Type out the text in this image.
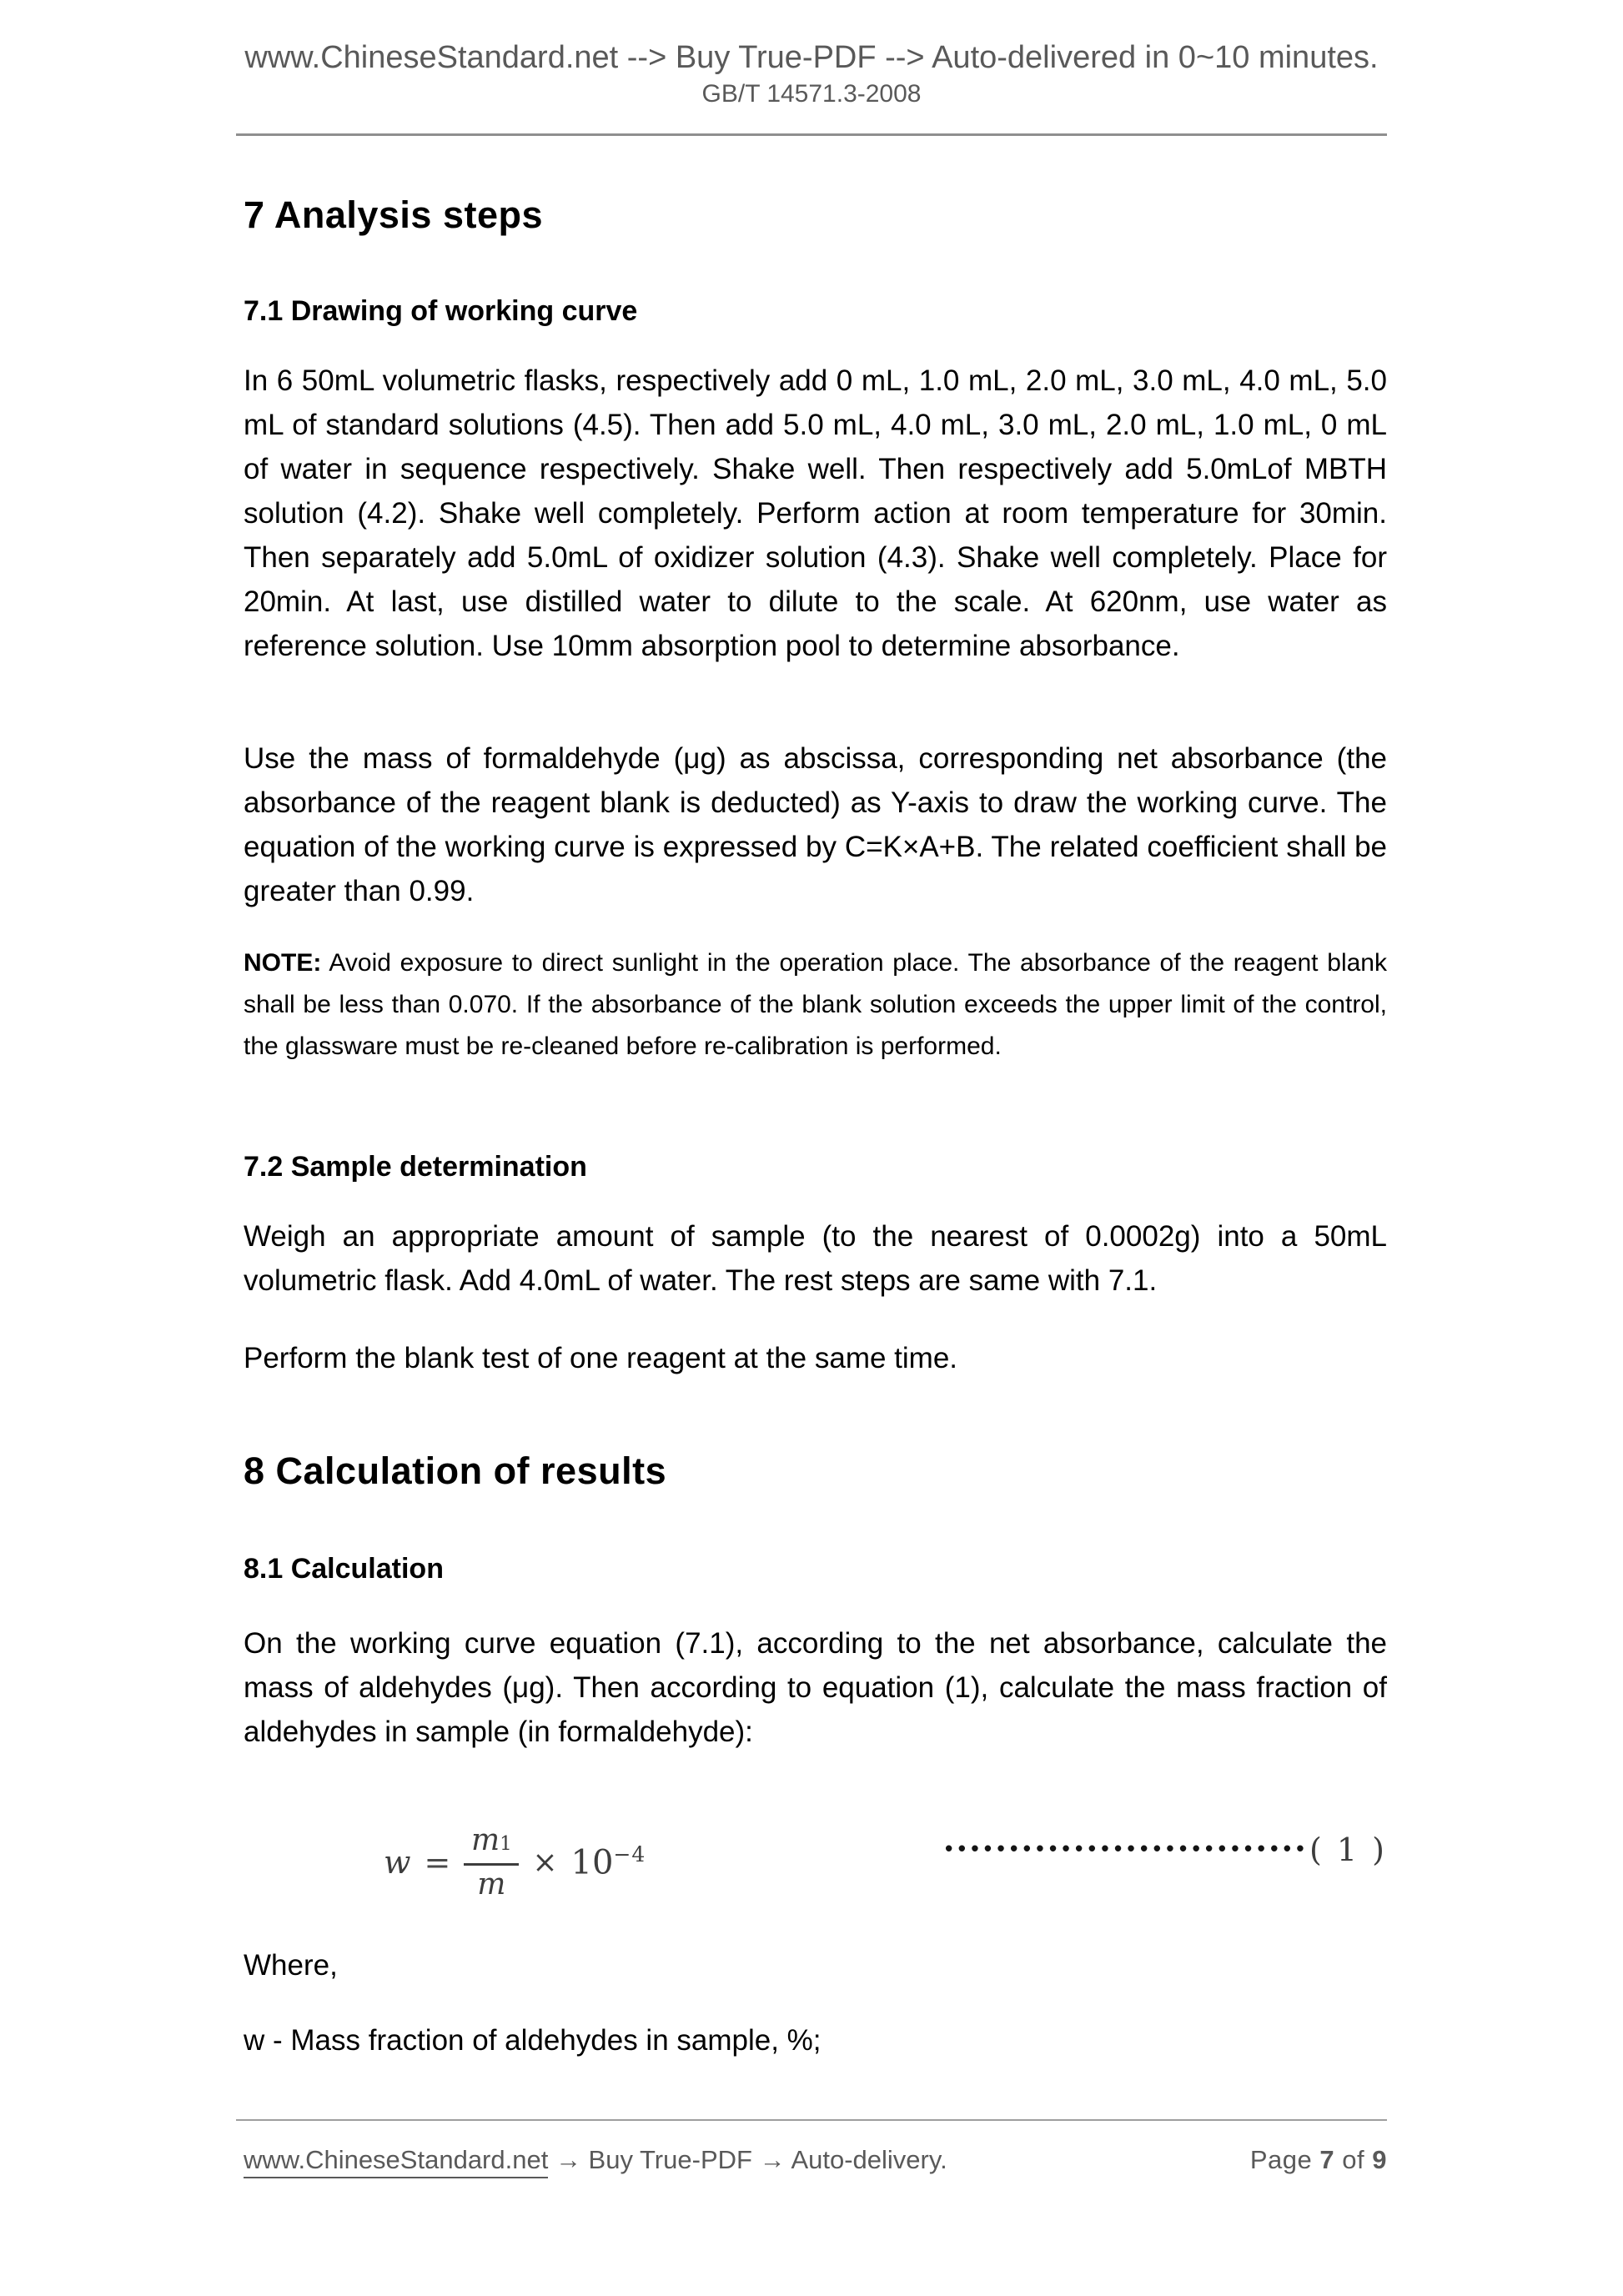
www.ChineseStandard.net --> Buy True-PDF --> Auto-delivered in 0~10 minutes.
GB/T 14571.3-2008
7 Analysis steps
7.1 Drawing of working curve
In 6 50mL volumetric flasks, respectively add 0 mL, 1.0 mL, 2.0 mL, 3.0 mL, 4.0 mL, 5.0 mL of standard solutions (4.5). Then add 5.0 mL, 4.0 mL, 3.0 mL, 2.0 mL, 1.0 mL, 0 mL of water in sequence respectively. Shake well. Then respectively add 5.0mLof MBTH solution (4.2). Shake well completely. Perform action at room temperature for 30min. Then separately add 5.0mL of oxidizer solution (4.3). Shake well completely. Place for 20min. At last, use distilled water to dilute to the scale. At 620nm, use water as reference solution. Use 10mm absorption pool to determine absorbance.
Use the mass of formaldehyde (μg) as abscissa, corresponding net absorbance (the absorbance of the reagent blank is deducted) as Y-axis to draw the working curve. The equation of the working curve is expressed by C=K×A+B. The related coefficient shall be greater than 0.99.
NOTE: Avoid exposure to direct sunlight in the operation place. The absorbance of the reagent blank shall be less than 0.070. If the absorbance of the blank solution exceeds the upper limit of the control, the glassware must be re-cleaned before re-calibration is performed.
7.2 Sample determination
Weigh an appropriate amount of sample (to the nearest of 0.0002g) into a 50mL volumetric flask. Add 4.0mL of water. The rest steps are same with 7.1.
Perform the blank test of one reagent at the same time.
8 Calculation of results
8.1 Calculation
On the working curve equation (7.1), according to the net absorbance, calculate the mass of aldehydes (μg). Then according to equation (1), calculate the mass fraction of aldehydes in sample (in formaldehyde):
$w = \frac{m1}{m} \times 10^{-4}$	•••••••••••••••••••••••••••• ( 1 )
Where,
w - Mass fraction of aldehydes in sample, %;
www.ChineseStandard.net → Buy True-PDF → Auto-delivery.	Page 7 of 9
